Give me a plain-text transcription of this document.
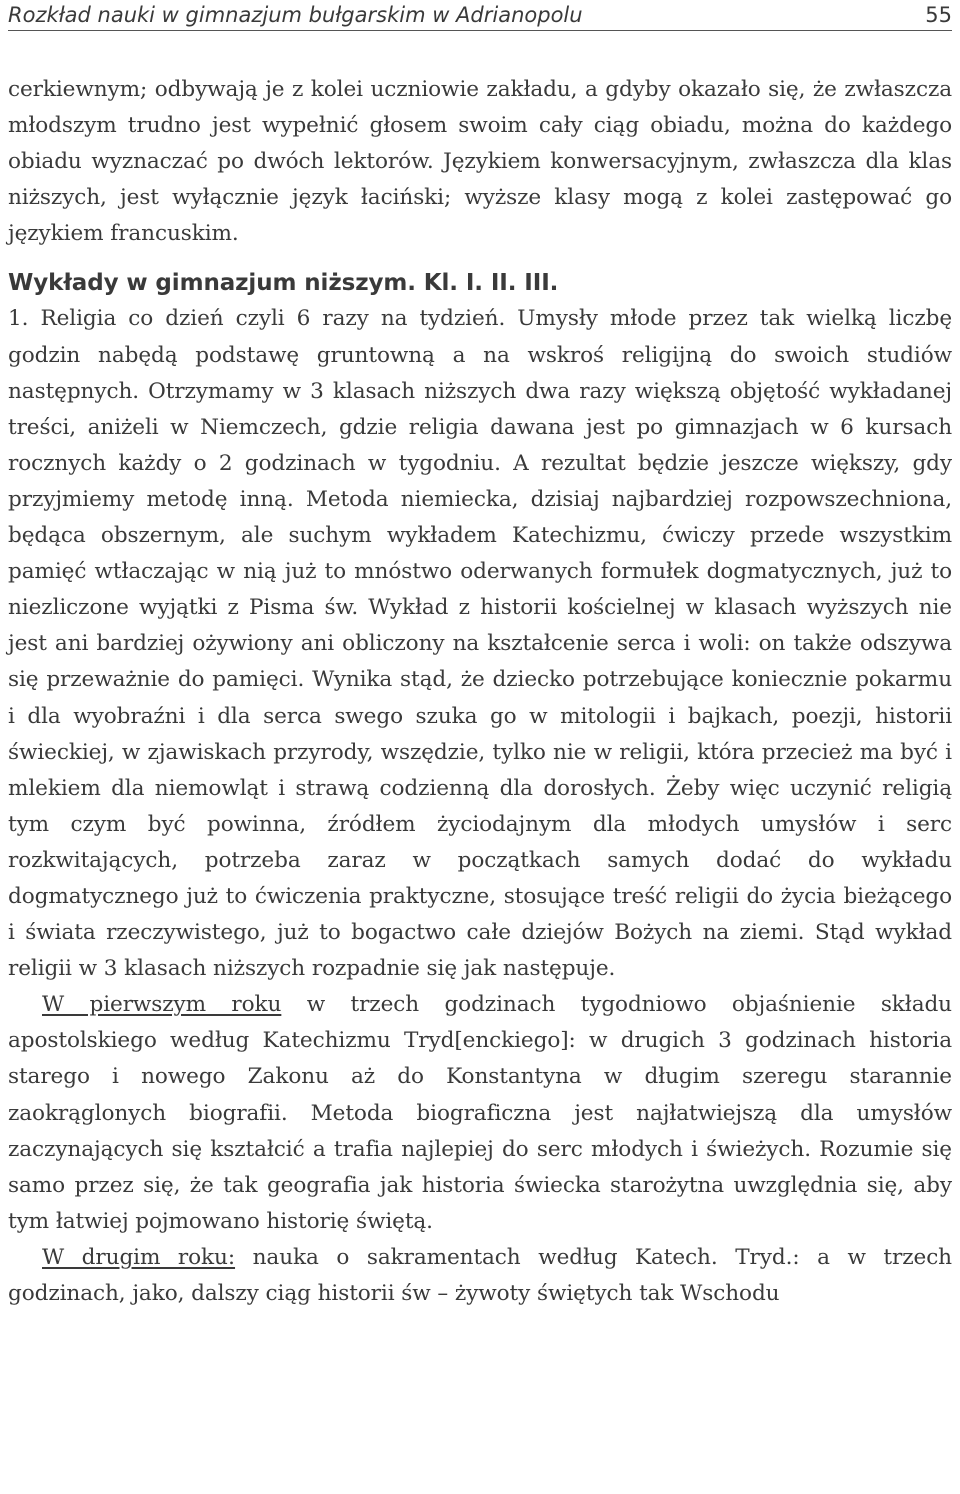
Rozkład nauki w gimnazjum bułgarskim w Adrianopolu	55

cerkiewnym; odbywają je z kolei uczniowie zakładu, a gdyby okazało się, że zwłaszcza młodszym trudno jest wypełnić głosem swoim cały ciąg obiadu, można do każdego obiadu wyznaczać po dwóch lektorów. Językiem konwersacyjnym, zwłaszcza dla klas niższych, jest wyłącznie język łaciński; wyższe klasy mogą z kolei zastępować go językiem francuskim.

Wykłady w gimnazjum niższym. Kl. I. II. III.

1. Religia co dzień czyli 6 razy na tydzień. Umysły młode przez tak wielką liczbę godzin nabędą podstawę gruntowną a na wskroś religijną do swoich studiów następnych. Otrzymamy w 3 klasach niższych dwa razy większą objętość wykładanej treści, aniżeli w Niemczech, gdzie religia dawana jest po gimnazjach w 6 kursach rocznych każdy o 2 godzinach w tygodniu. A rezultat będzie jeszcze większy, gdy przyjmiemy metodę inną. Metoda niemiecka, dzisiaj najbardziej rozpowszechniona, będąca obszernym, ale suchym wykładem Katechizmu, ćwiczy przede wszystkim pamięć wtłaczając w nią już to mnóstwo oderwanych formułek dogmatycznych, już to niezliczone wyjątki z Pisma św. Wykład z historii kościelnej w klasach wyższych nie jest ani bardziej ożywiony ani obliczony na kształcenie serca i woli: on także odszywa się przeważnie do pamięci. Wynika stąd, że dziecko potrzebujące koniecznie pokarmu i dla wyobraźni i dla serca swego szuka go w mitologii i bajkach, poezji, historii świeckiej, w zjawiskach przyrody, wszędzie, tylko nie w religii, która przecież ma być i mlekiem dla niemowląt i strawą codzienną dla dorosłych. Żeby więc uczynić religią tym czym być powinna, źródłem życiodajnym dla młodych umysłów i serc rozkwitających, potrzeba zaraz w początkach samych dodać do wykładu dogmatycznego już to ćwiczenia praktyczne, stosujące treść religii do życia bieżącego i świata rzeczywistego, już to bogactwo całe dziejów Bożych na ziemi. Stąd wykład religii w 3 klasach niższych rozpadnie się jak następuje.

W pierwszym roku w trzech godzinach tygodniowo objaśnienie składu apostolskiego według Katechizmu Tryd[enckiego]: w drugich 3 godzinach historia starego i nowego Zakonu aż do Konstantyna w długim szeregu starannie zaokrąglonych biografii. Metoda biograficzna jest najłatwiejszą dla umysłów zaczynających się kształcić a trafia najlepiej do serc młodych i świeżych. Rozumie się samo przez się, że tak geografia jak historia świecka starożytna uwzględnia się, aby tym łatwiej pojmowano historię świętą.

W drugim roku: nauka o sakramentach według Katech. Tryd.: a w trzech godzinach, jako, dalszy ciąg historii św – żywoty świętych tak Wschodu
